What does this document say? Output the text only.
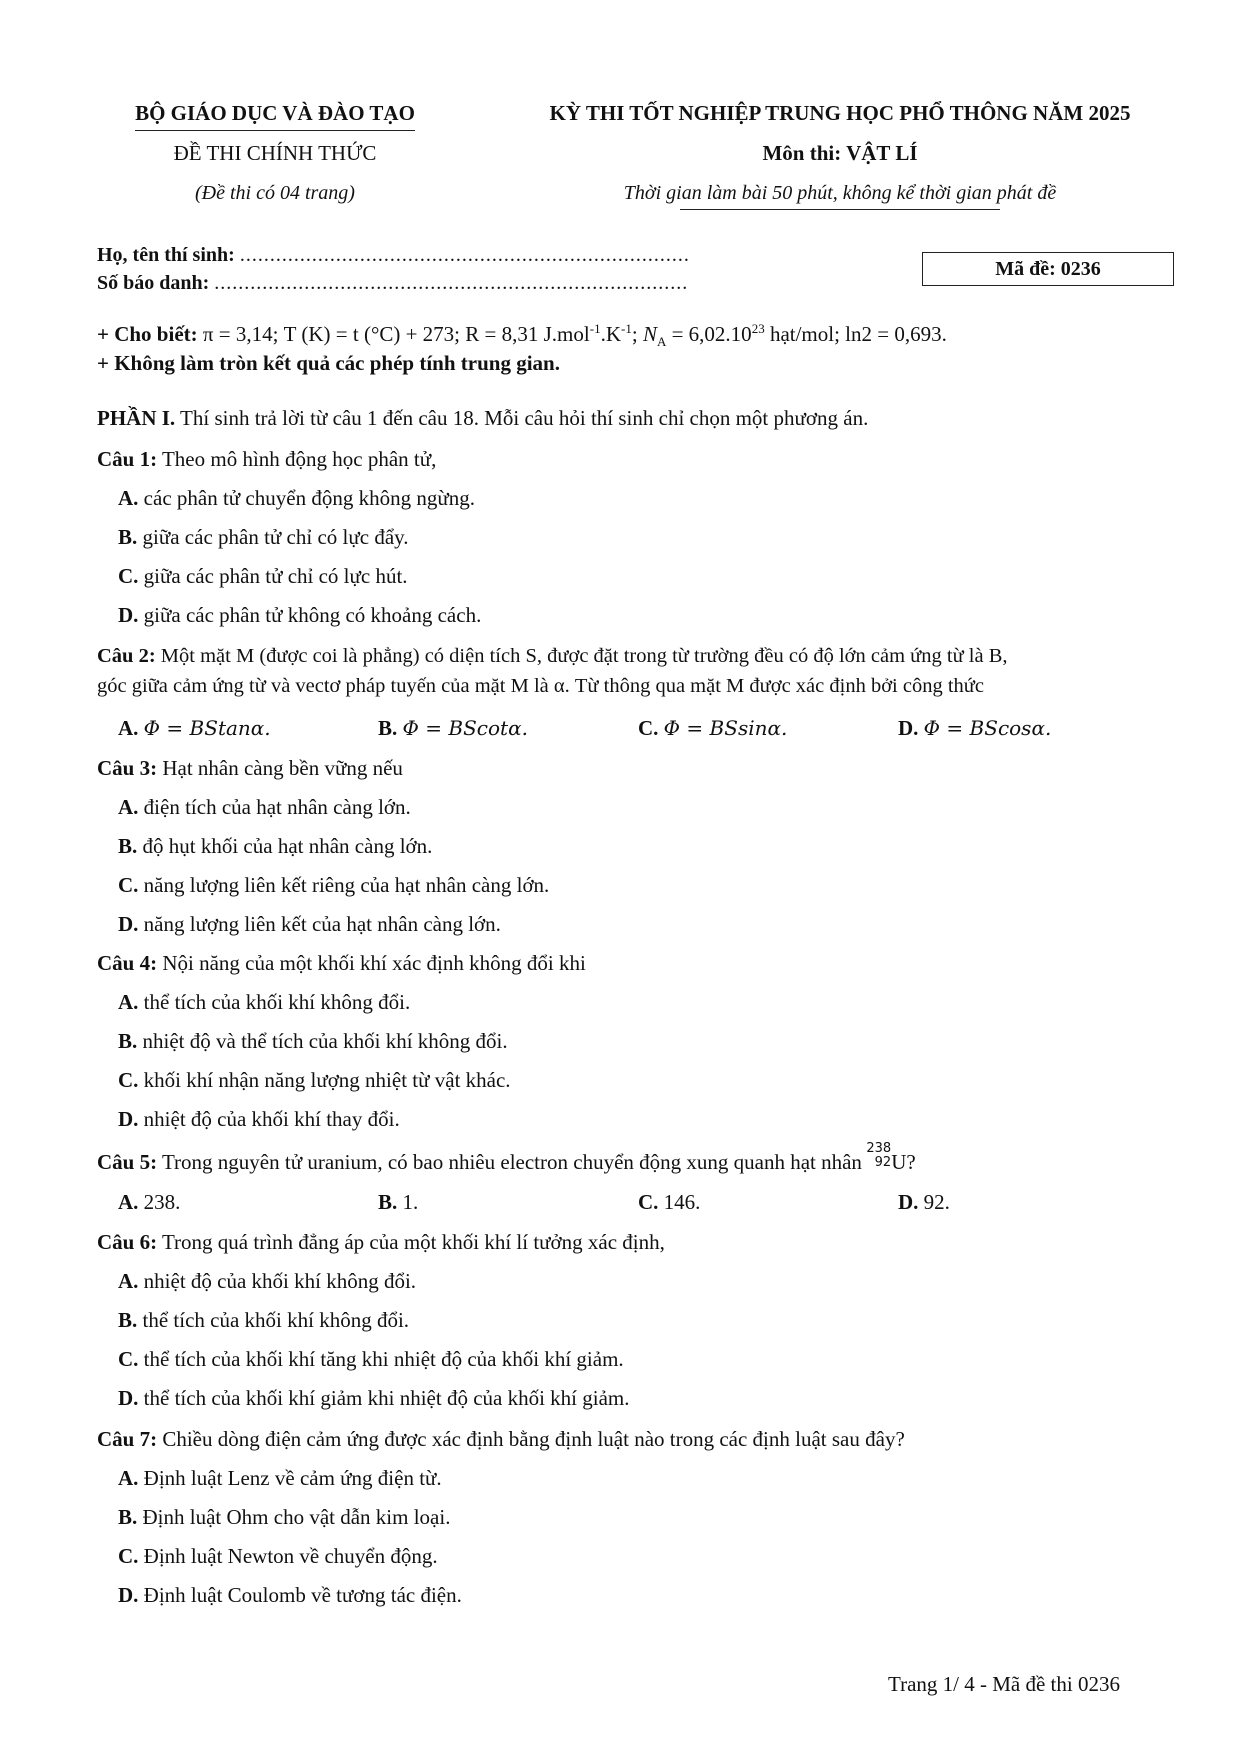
BỘ GIÁO DỤC VÀ ĐÀO TẠO
ĐỀ THI CHÍNH THỨC
(Đề thi có 04 trang)
KỲ THI TỐT NGHIỆP TRUNG HỌC PHỔ THÔNG NĂM 2025
Môn thi: VẬT LÍ
Thời gian làm bài 50 phút, không kể thời gian phát đề
Họ, tên thí sinh: ...........................................................................
Số báo danh: ...............................................................................
Mã đề:
0236
+ Cho biết: π = 3,14; T (K) = t (°C) + 273; R = 8,31 $J.mol^{-1}.K^{-1}$; $N_A = 6,02.10^{23}$ hạt/mol; ln2 = 0,693.
+ Không làm tròn kết quả các phép tính trung gian.
PHẦN I. Thí sinh trả lời từ câu 1 đến câu 18. Mỗi câu hỏi thí sinh chỉ chọn một phương án.
Câu 1: Theo mô hình động học phân tử,
A. các phân tử chuyển động không ngừng.
B. giữa các phân tử chỉ có lực đẩy.
C. giữa các phân tử chỉ có lực hút.
D. giữa các phân tử không có khoảng cách.
Câu 2: Một mặt M (được coi là phẳng) có diện tích S, được đặt trong từ trường đều có độ lớn cảm ứng từ là B,
góc giữa cảm ứng từ và vectơ pháp tuyến của mặt M là α. Từ thông qua mặt M được xác định bởi công thức
A. Φ = BStanα.	B. Φ = BScotα.	C. Φ = BSsinα.	D. Φ = BScosα.
Câu 3: Hạt nhân càng bền vững nếu
A. điện tích của hạt nhân càng lớn.
B. độ hụt khối của hạt nhân càng lớn.
C. năng lượng liên kết riêng của hạt nhân càng lớn.
D. năng lượng liên kết của hạt nhân càng lớn.
Câu 4: Nội năng của một khối khí xác định không đổi khi
A. thể tích của khối khí không đổi.
B. nhiệt độ và thể tích của khối khí không đổi.
C. khối khí nhận năng lượng nhiệt từ vật khác.
D. nhiệt độ của khối khí thay đổi.
Câu 5: Trong nguyên tử uranium, có bao nhiêu electron chuyển động xung quanh hạt nhân
238
92 U?
A. 238.	B. 1.	C. 146.	D. 92.
Câu 6: Trong quá trình đẳng áp của một khối khí lí tưởng xác định,
A. nhiệt độ của khối khí không đổi.
B. thể tích của khối khí không đổi.
C. thể tích của khối khí tăng khi nhiệt độ của khối khí giảm.
D. thể tích của khối khí giảm khi nhiệt độ của khối khí giảm.
Câu 7: Chiều dòng điện cảm ứng được xác định bằng định luật nào trong các định luật sau đây?
A. Định luật Lenz về cảm ứng điện từ.
B. Định luật Ohm cho vật dẫn kim loại.
C. Định luật Newton về chuyển động.
D. Định luật Coulomb về tương tác điện.
Trang 1/ 4 - Mã đề thi 0236
